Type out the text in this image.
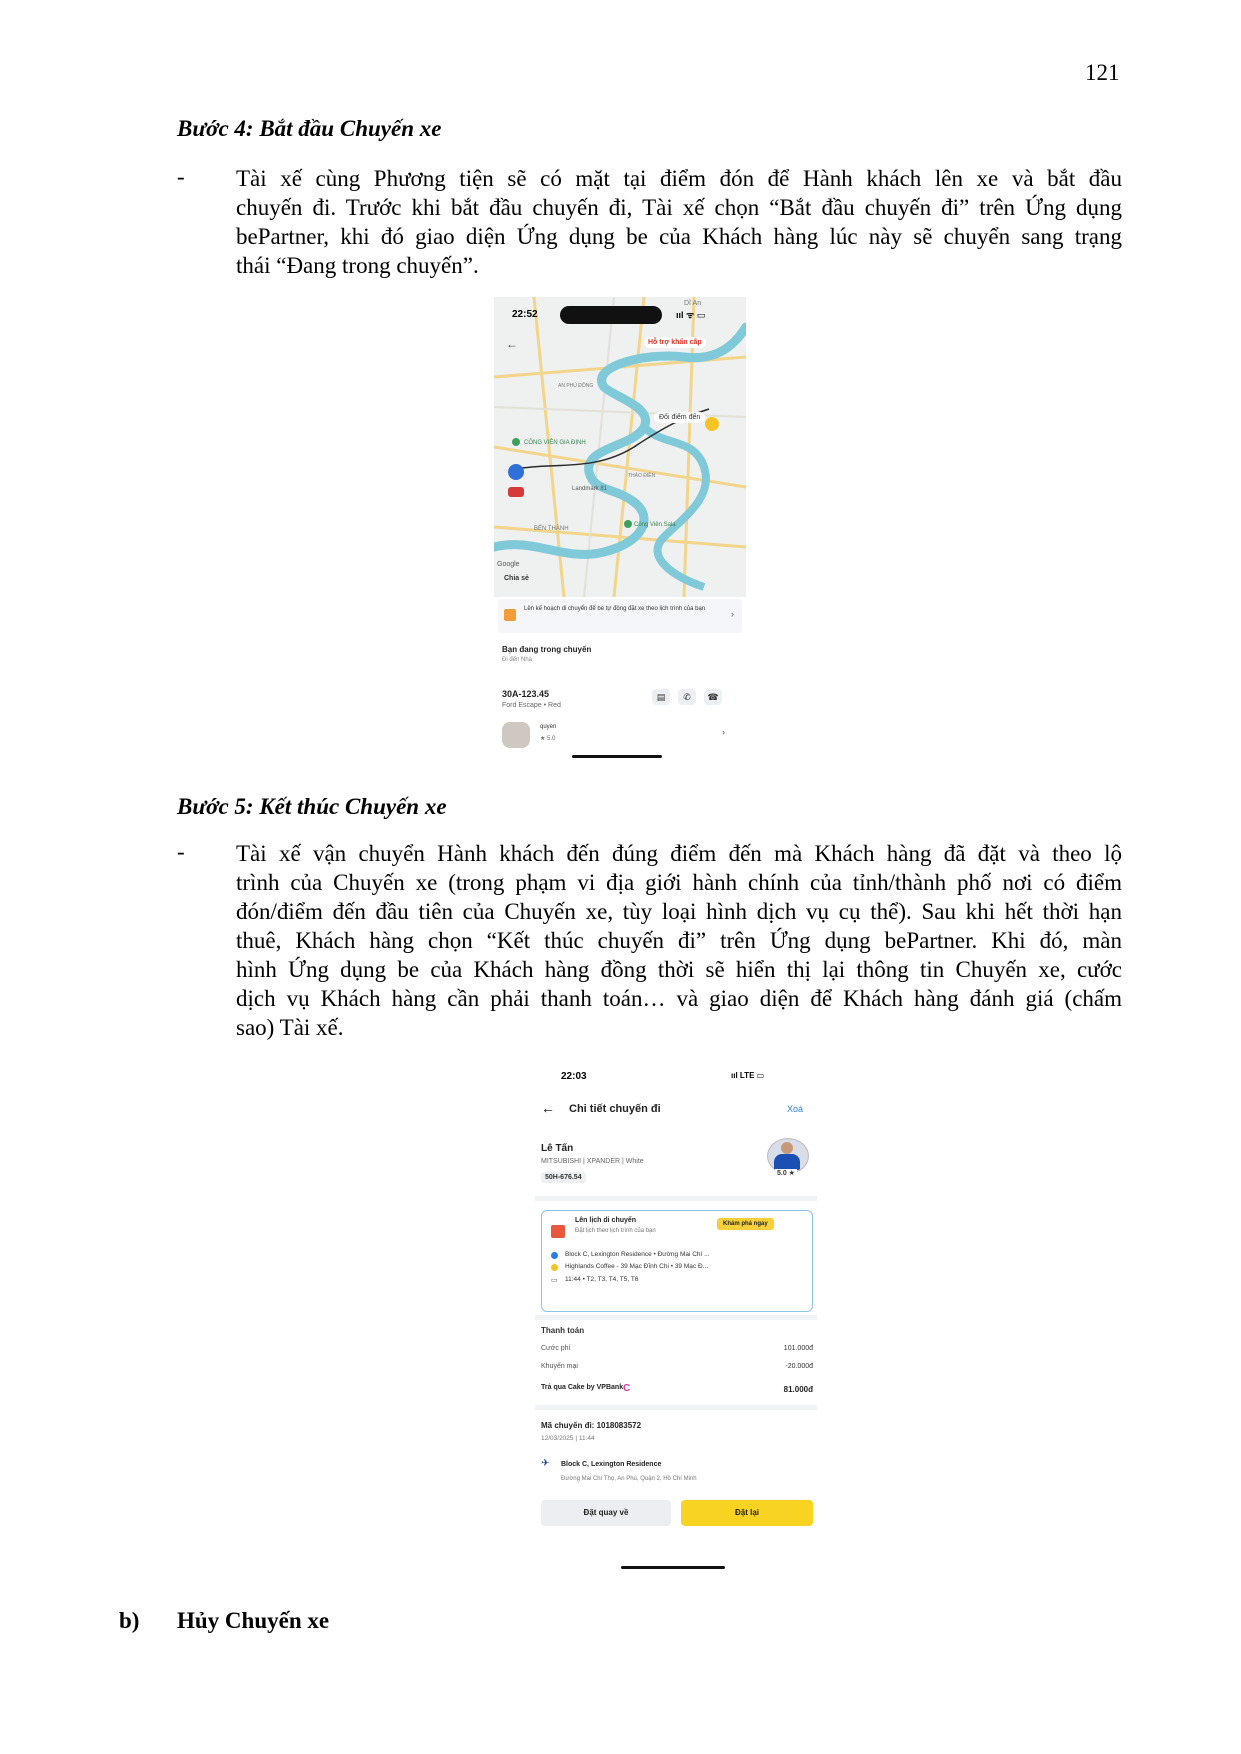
121
Bước 4: Bắt đầu Chuyến xe
- Tài xế cùng Phương tiện sẽ có mặt tại điểm đón để Hành khách lên xe và bắt đầu
chuyến đi. Trước khi bắt đầu chuyến đi, Tài xế chọn “Bắt đầu chuyến đi” trên Ứng dụng
bePartner, khi đó giao diện Ứng dụng be của Khách hàng lúc này sẽ chuyển sang trạng
thái “Đang trong chuyến”.
CÔNG VIÊN GIA ĐỊNH
Landmark 81
BẾN THÀNH
Công Viên Sala
THẢO ĐIỀN
Dĩ An
AN PHÚ ĐÔNG
22:52	ııl ᯤ ▭
←	Hỗ trợ khẩn cấp
Đổi điểm đến
Google
Chia sẻ
Lên kế hoạch di chuyển để be tự động đặt xe theo lịch trình của bạn	›
Bạn đang trong chuyến
Đi đến Nhà
30A-123.45
Ford Escape • Red
▤	✆	☎
quyen
★ 5.0
›
Bước 5: Kết thúc Chuyến xe
- Tài xế vận chuyển Hành khách đến đúng điểm đến mà Khách hàng đã đặt và theo lộ
trình của Chuyến xe (trong phạm vi địa giới hành chính của tỉnh/thành phố nơi có điểm
đón/điểm đến đầu tiên của Chuyến xe, tùy loại hình dịch vụ cụ thể). Sau khi hết thời hạn
thuê, Khách hàng chọn “Kết thúc chuyến đi” trên Ứng dụng bePartner. Khi đó, màn
hình Ứng dụng be của Khách hàng đồng thời sẽ hiển thị lại thông tin Chuyến xe, cước
dịch vụ Khách hàng cần phải thanh toán… và giao diện để Khách hàng đánh giá (chấm
sao) Tài xế.
22:03	ııl LTE ▭
← Chi tiết chuyến đi	Xoá
Lê Tấn
MITSUBISHI | XPANDER | White
50H-676.54
5.0 ★
Lên lịch di chuyển
Đặt lịch theo lịch trình của bạn
Khám phá ngay
Block C, Lexington Residence • Đường Mai Chí ...
Highlands Coffee - 39 Mạc Đĩnh Chi • 39 Mạc Đ...
▭ 11:44 • T2, T3, T4, T5, T6
Thanh toán
Cước phí	101.000đ
Khuyến mại	-20.000đ
Trả qua Cake by VPBank C	81.000đ
Mã chuyến đi: 1018083572
12/03/2025 | 11:44
✈ Block C, Lexington Residence
Đường Mai Chí Thọ, An Phú, Quận 2, Hồ Chí Minh
Đặt quay về	Đặt lại
b) Hủy Chuyến xe
